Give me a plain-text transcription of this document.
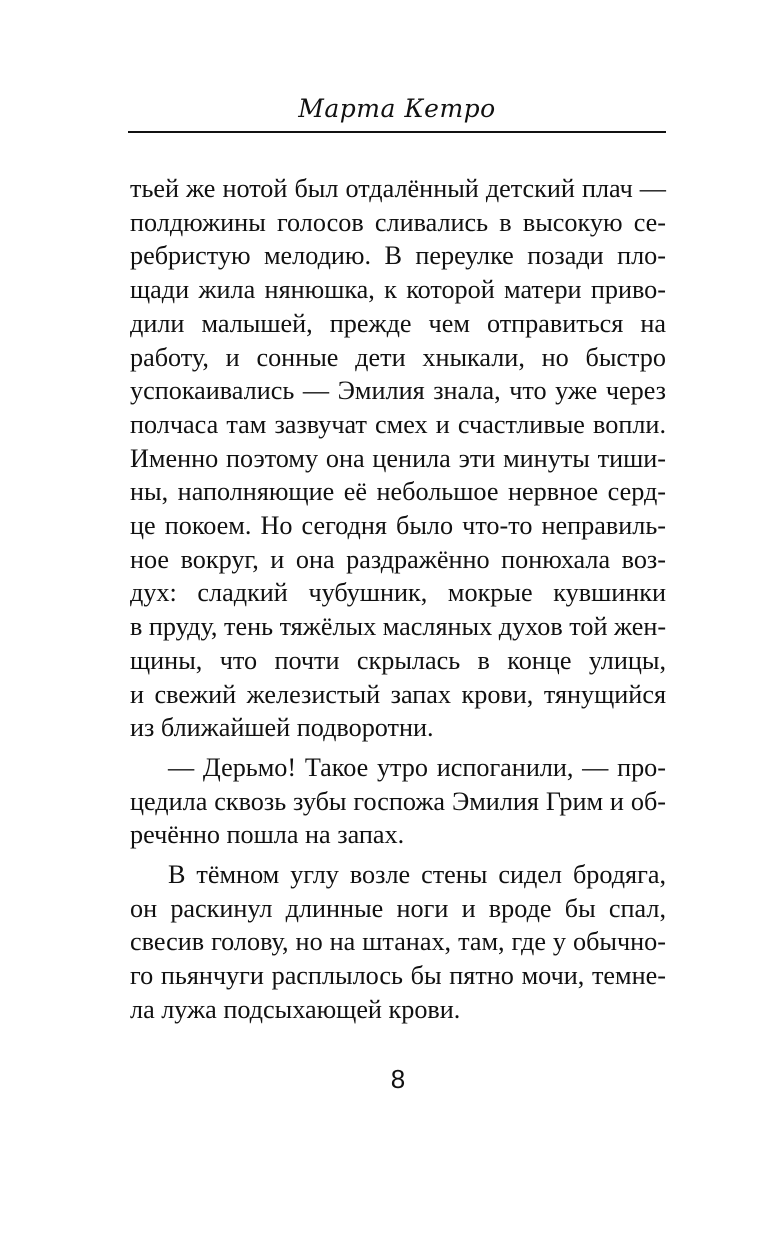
Марта Кетро

тьей же нотой был отдалённый детский плач —
полдюжины голосов сливались в высокую се-
ребристую мелодию. В переулке позади пло-
щади жила нянюшка, к которой матери приво-
дили малышей, прежде чем отправиться на
работу, и сонные дети хныкали, но быстро
успокаивались — Эмилия знала, что уже через
полчаса там зазвучат смех и счастливые вопли.
Именно поэтому она ценила эти минуты тиши-
ны, наполняющие её небольшое нервное серд-
це покоем. Но сегодня было что-то неправиль-
ное вокруг, и она раздражённо понюхала воз-
дух: сладкий чубушник, мокрые кувшинки
в пруду, тень тяжёлых масляных духов той жен-
щины, что почти скрылась в конце улицы,
и свежий железистый запах крови, тянущийся
из ближайшей подворотни.

— Дерьмо! Такое утро испоганили, — про-
цедила сквозь зубы госпожа Эмилия Грим и об-
речённо пошла на запах.

В тёмном углу возле стены сидел бродяга,
он раскинул длинные ноги и вроде бы спал,
свесив голову, но на штанах, там, где у обычно-
го пьянчуги расплылось бы пятно мочи, темне-
ла лужа подсыхающей крови.

8
